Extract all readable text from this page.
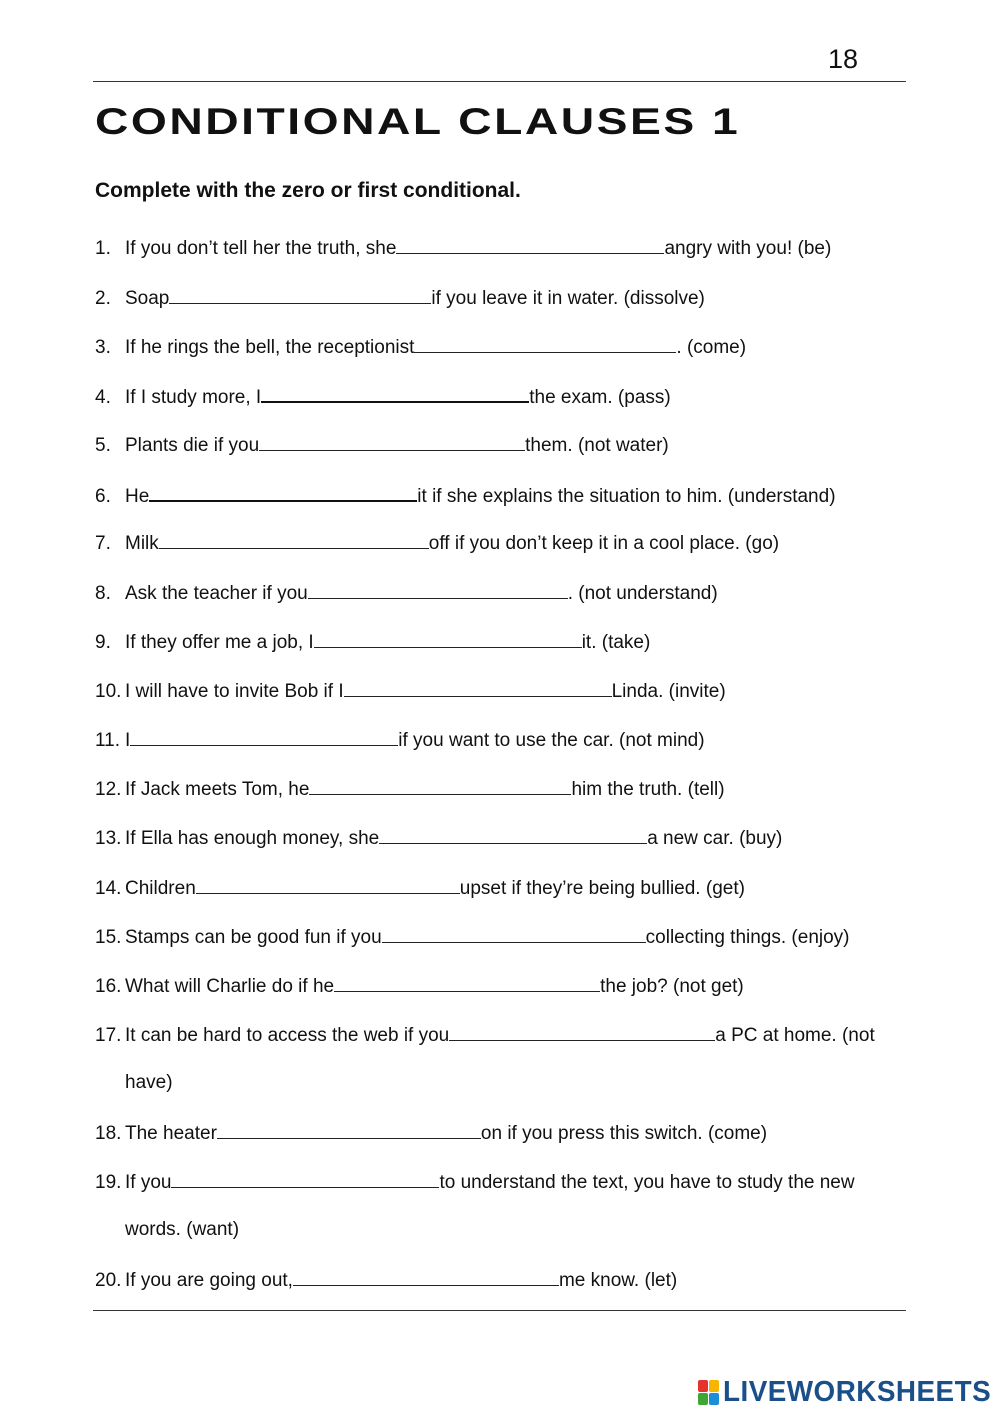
18
CONDITIONAL CLAUSES 1
Complete with the zero or first conditional.
1. If you don’t tell her the truth, she	angry with you! (be)
2. Soap	if you leave it in water. (dissolve)
3. If he rings the bell, the receptionist	. (come)
4. If I study more, I	the exam. (pass)
5. Plants die if you	them. (not water)
6. He	it if she explains the situation to him. (understand)
7. Milk	off if you don’t keep it in a cool place. (go)
8. Ask the teacher if you	. (not understand)
9. If they offer me a job, I	it. (take)
10. I will have to invite Bob if I	Linda. (invite)
11. I	if you want to use the car. (not mind)
12. If Jack meets Tom, he	him the truth. (tell)
13. If Ella has enough money, she	a new car. (buy)
14. Children	upset if they’re being bullied. (get)
15. Stamps can be good fun if you	collecting things. (enjoy)
16. What will Charlie do if he	the job? (not get)
17. It can be hard to access the web if you	a PC at home. (not
have)
18. The heater	on if you press this switch. (come)
19. If you	to understand the text, you have to study the new
words. (want)
20. If you are going out,	me know. (let)
LIVEWORKSHEETS
